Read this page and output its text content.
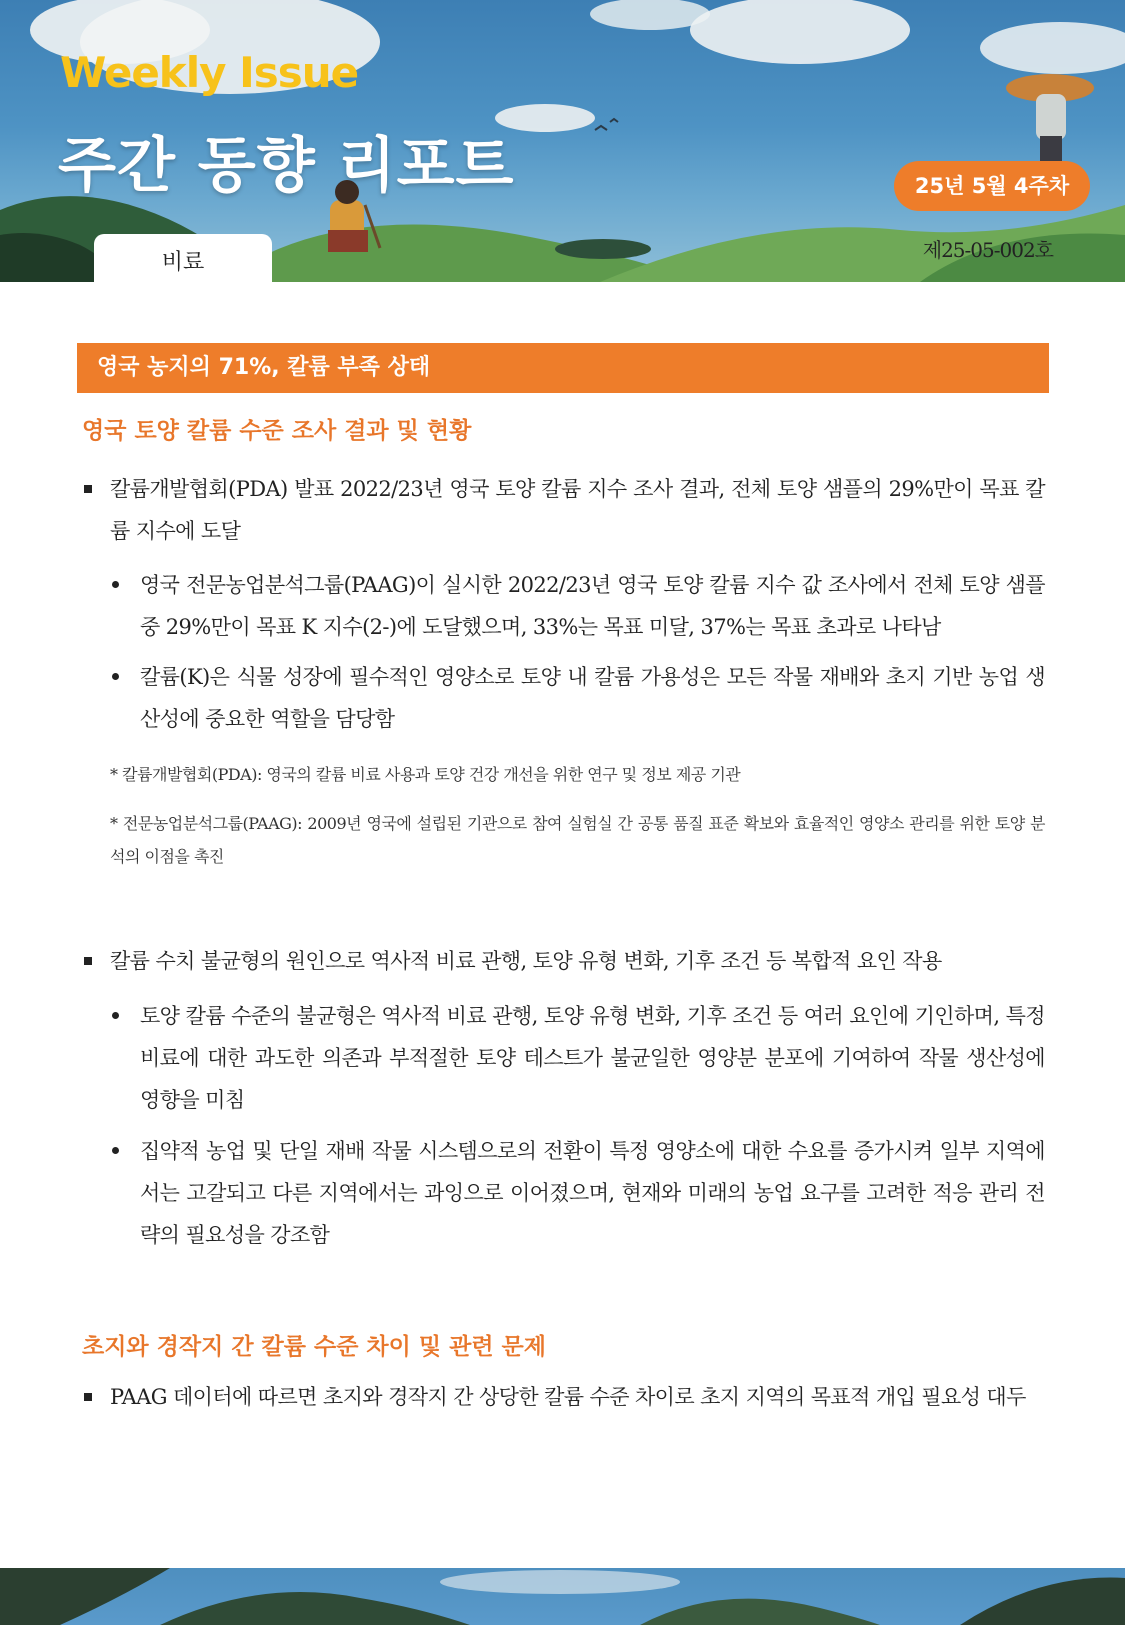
Weekly Issue
주간 동향 리포트	25년 5월 4주차
제25-05-002호
비료
영국 농지의 71%, 칼륨 부족 상태
영국 토양 칼륨 수준 조사 결과 및 현황

칼륨개발협회(PDA) 발표 2022/23년 영국 토양 칼륨 지수 조사 결과, 전체 토양 샘플의 29%만이 목표 칼륨 지수에 도달

영국 전문농업분석그룹(PAAG)이 실시한 2022/23년 영국 토양 칼륨 지수 값 조사에서 전체 토양 샘플 중 29%만이 목표 K 지수(2-)에 도달했으며, 33%는 목표 미달, 37%는 목표 초과로 나타남

칼륨(K)은 식물 성장에 필수적인 영양소로 토양 내 칼륨 가용성은 모든 작물 재배와 초지 기반 농업 생산성에 중요한 역할을 담당함

* 칼륨개발협회(PDA): 영국의 칼륨 비료 사용과 토양 건강 개선을 위한 연구 및 정보 제공 기관

* 전문농업분석그룹(PAAG): 2009년 영국에 설립된 기관으로 참여 실험실 간 공통 품질 표준 확보와 효율적인 영양소 관리를 위한 토양 분석의 이점을 촉진

칼륨 수치 불균형의 원인으로 역사적 비료 관행, 토양 유형 변화, 기후 조건 등 복합적 요인 작용

토양 칼륨 수준의 불균형은 역사적 비료 관행, 토양 유형 변화, 기후 조건 등 여러 요인에 기인하며, 특정 비료에 대한 과도한 의존과 부적절한 토양 테스트가 불균일한 영양분 분포에 기여하여 작물 생산성에 영향을 미침

집약적 농업 및 단일 재배 작물 시스템으로의 전환이 특정 영양소에 대한 수요를 증가시켜 일부 지역에서는 고갈되고 다른 지역에서는 과잉으로 이어졌으며, 현재와 미래의 농업 요구를 고려한 적응 관리 전략의 필요성을 강조함

초지와 경작지 간 칼륨 수준 차이 및 관련 문제

PAAG 데이터에 따르면 초지와 경작지 간 상당한 칼륨 수준 차이로 초지 지역의 목표적 개입 필요성 대두
